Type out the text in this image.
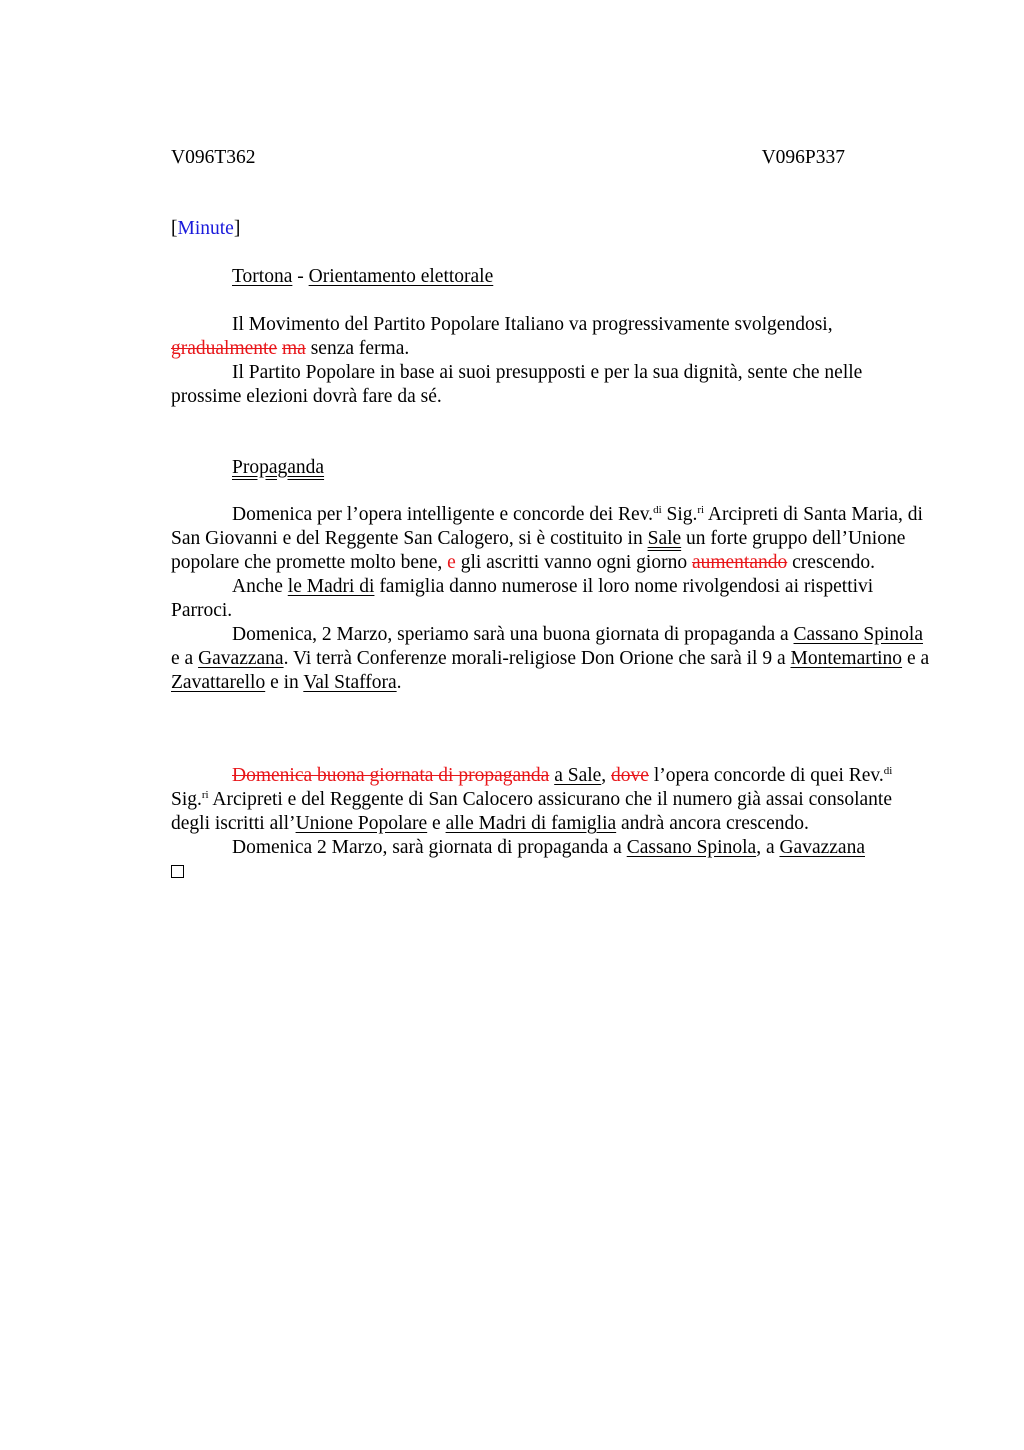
V096T362	V096P337
[Minute]

Tortona - Orientamento elettorale

Il Movimento del Partito Popolare Italiano va progressivamente svolgendosi, gradualmente ma senza ferma.

Il Partito Popolare in base ai suoi presupposti e per la sua dignità, sente che nelle prossime elezioni dovrà fare da sé.

Propaganda

Domenica per l’opera intelligente e concorde dei Rev.$^{di}$ Sig.$^{ri}$ Arcipreti di Santa Maria, di San Giovanni e del Reggente San Calogero, si è costituito in Sale un forte gruppo dell’Unione popolare che promette molto bene, e gli ascritti vanno ogni giorno aumentando crescendo.

Anche le Madri di famiglia danno numerose il loro nome rivolgendosi ai rispettivi Parroci.

Domenica, 2 Marzo, speriamo sarà una buona giornata di propaganda a Cassano Spinola e a Gavazzana. Vi terrà Conferenze morali-religiose Don Orione che sarà il 9 a Montemartino e a Zavattarello e in Val Staffora.

Domenica buona giornata di propaganda a Sale, dove l’opera concorde di quei Rev.$^{di}$ Sig.$^{ri}$ Arcipreti e del Reggente di San Calocero assicurano che il numero già assai consolante degli iscritti all’Unione Popolare e alle Madri di famiglia andrà ancora crescendo.

Domenica 2 Marzo, sarà giornata di propaganda a Cassano Spinola, a Gavazzana
